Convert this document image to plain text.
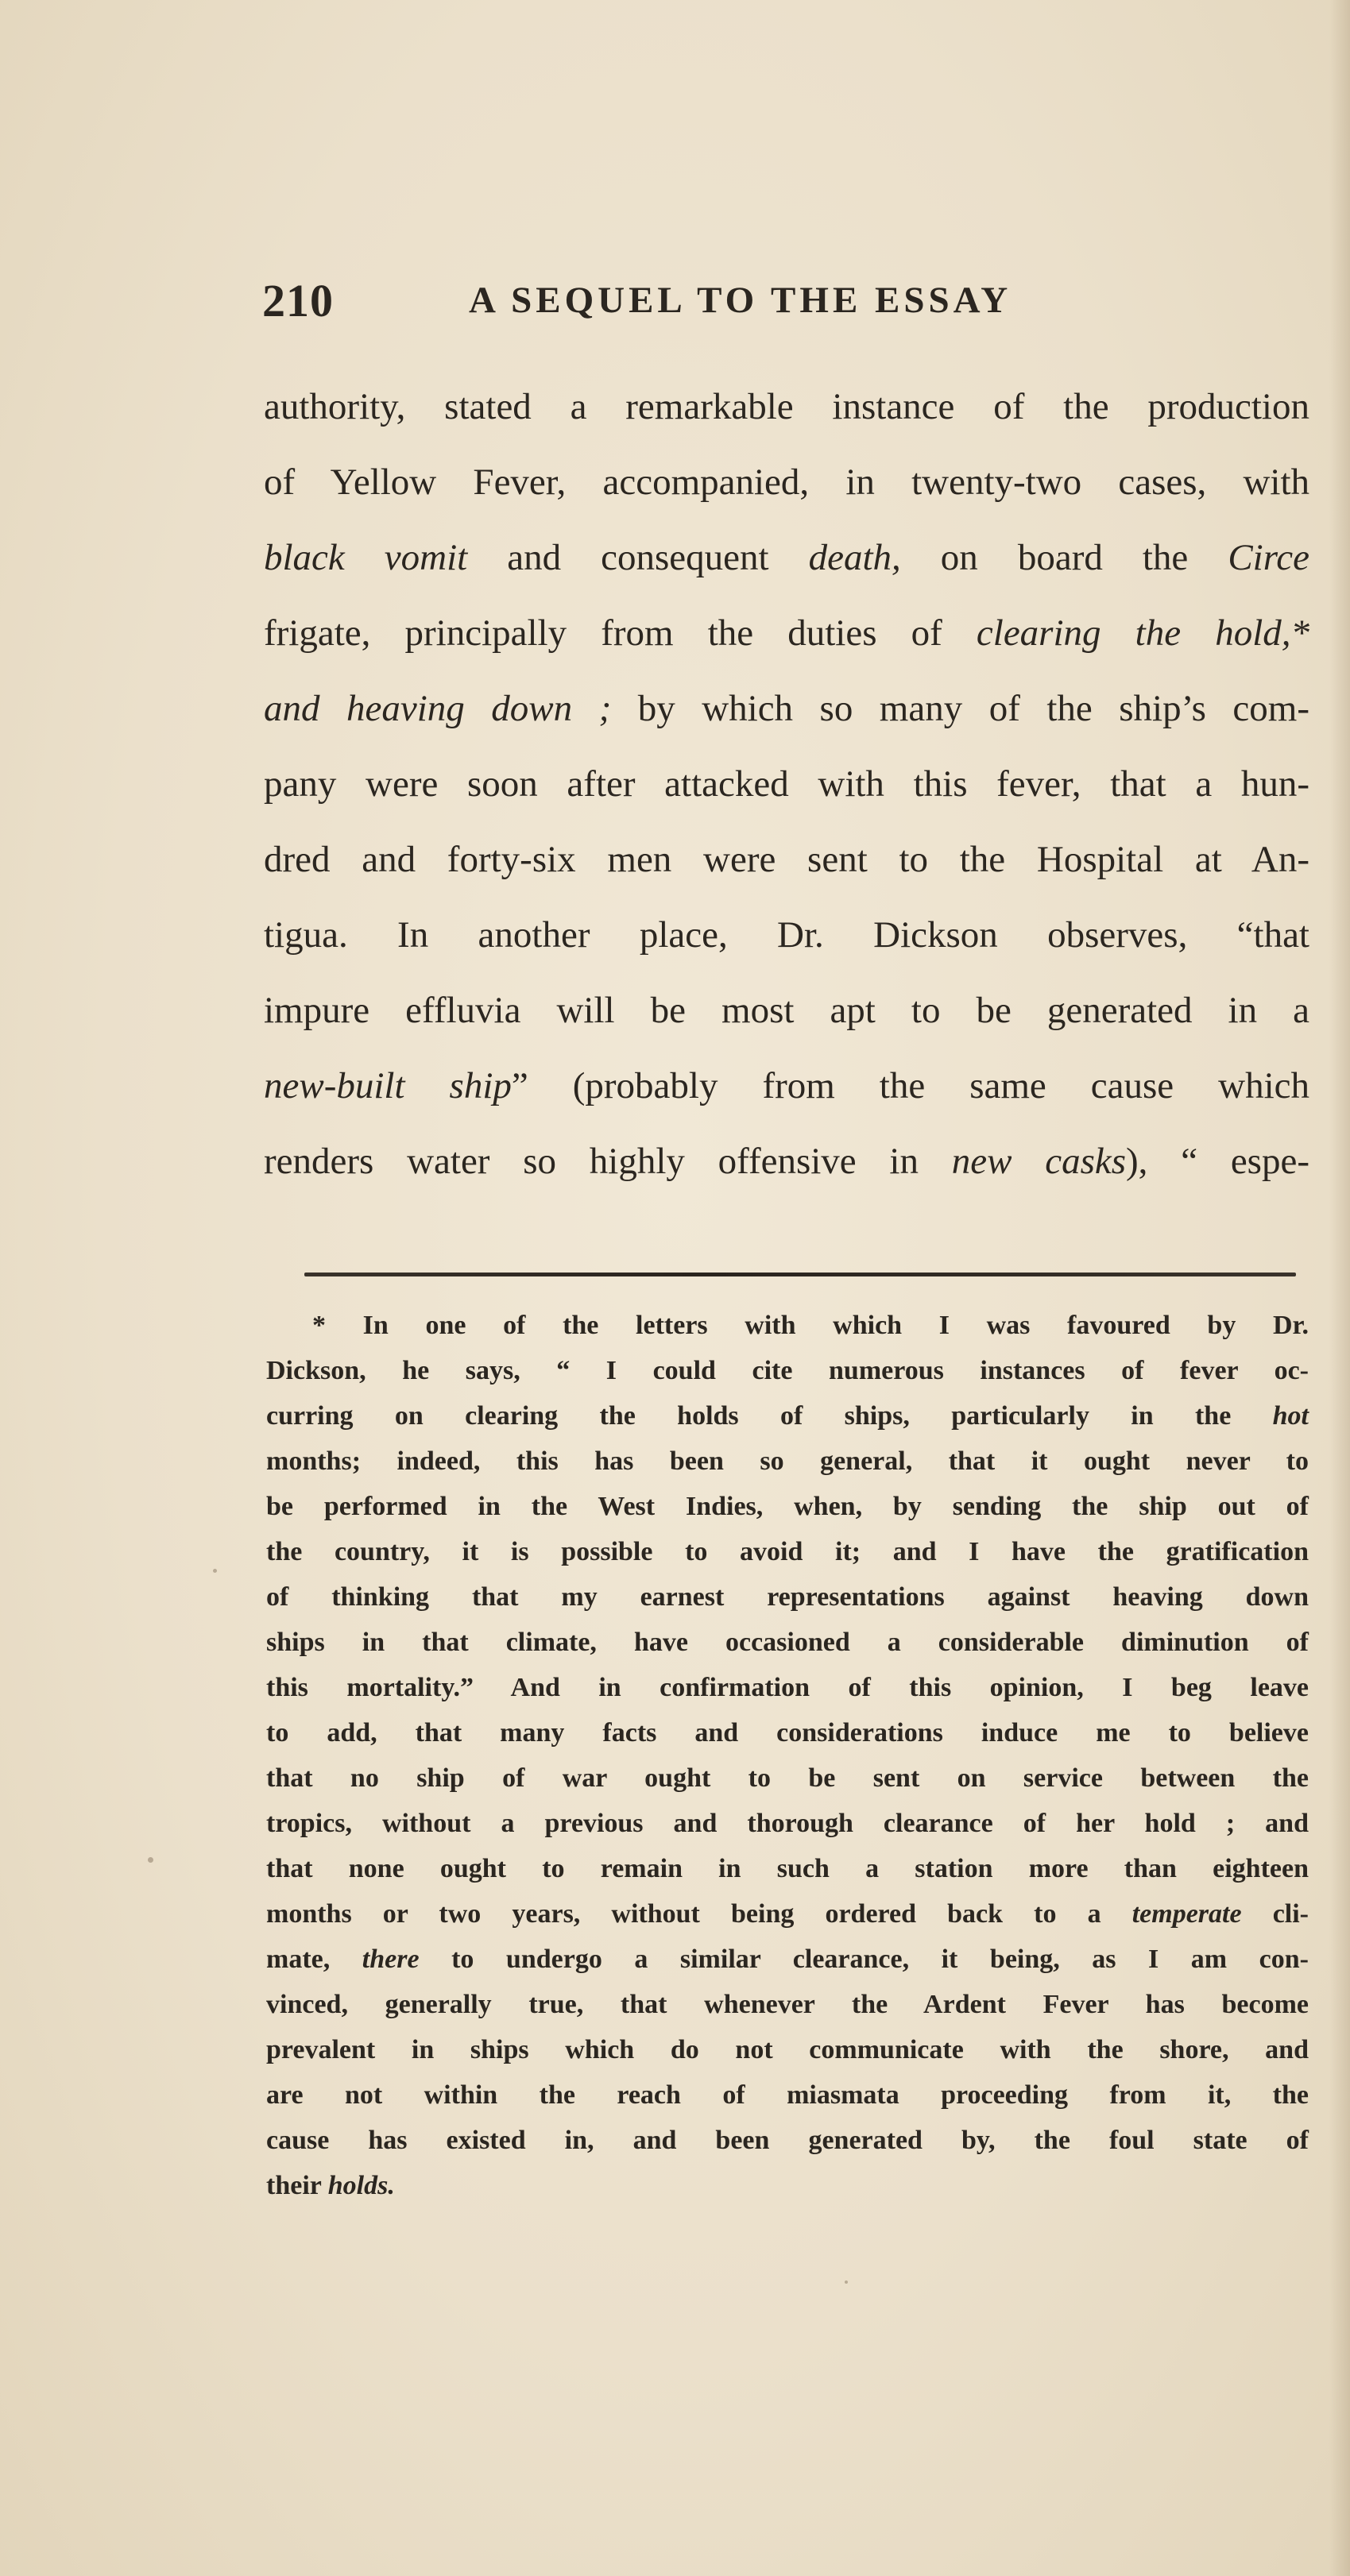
210	A SEQUEL TO THE ESSAY
authority, stated a remarkable instance of the production
of Yellow Fever, accompanied, in twenty-two cases, with
black vomit and consequent death, on board the Circe
frigate, principally from the duties of clearing the hold,*
and heaving down ; by which so many of the ship’s com-
pany were soon after attacked with this fever, that a hun-
dred and forty-six men were sent to the Hospital at An-
tigua. In another place, Dr. Dickson observes, “that
impure effluvia will be most apt to be generated in a
new-built ship” (probably from the same cause which
renders water so highly offensive in new casks), “ espe-
* In one of the letters with which I was favoured by Dr.
Dickson, he says, “ I could cite numerous instances of fever oc-
curring on clearing the holds of ships, particularly in the hot
months; indeed, this has been so general, that it ought never to
be performed in the West Indies, when, by sending the ship out of
the country, it is possible to avoid it; and I have the gratification
of thinking that my earnest representations against heaving down
ships in that climate, have occasioned a considerable diminution of
this mortality.” And in confirmation of this opinion, I beg leave
to add, that many facts and considerations induce me to believe
that no ship of war ought to be sent on service between the
tropics, without a previous and thorough clearance of her hold ; and
that none ought to remain in such a station more than eighteen
months or two years, without being ordered back to a temperate cli-
mate, there to undergo a similar clearance, it being, as I am con-
vinced, generally true, that whenever the Ardent Fever has become
prevalent in ships which do not communicate with the shore, and
are not within the reach of miasmata proceeding from it, the
cause has existed in, and been generated by, the foul state of
their holds.
